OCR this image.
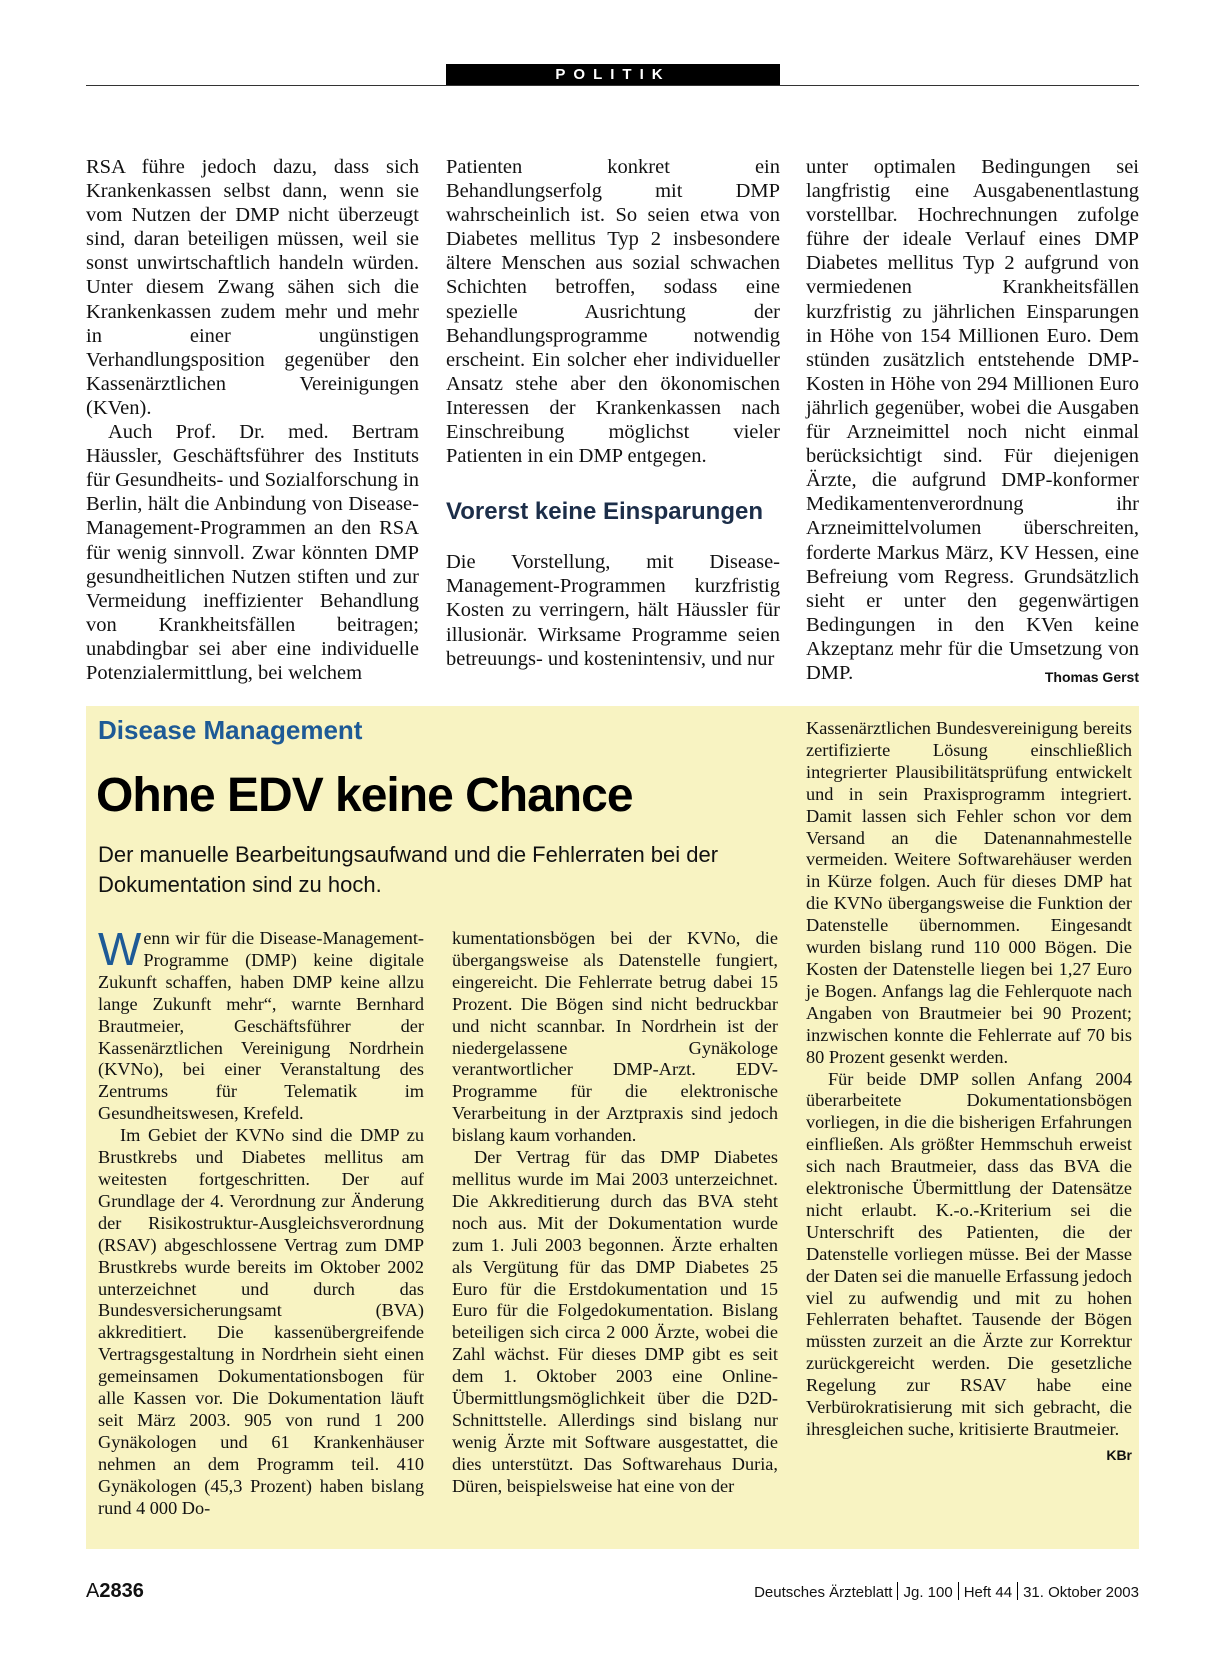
POLITIK

RSA führe jedoch dazu, dass sich Krankenkassen selbst dann, wenn sie vom Nutzen der DMP nicht überzeugt sind, daran beteiligen müssen, weil sie sonst unwirtschaftlich handeln würden. Unter diesem Zwang sähen sich die Krankenkassen zudem mehr und mehr in einer ungünstigen Verhandlungsposition gegenüber den Kassenärztlichen Vereinigungen (KVen).

Auch Prof. Dr. med. Bertram Häussler, Geschäftsführer des Instituts für Gesundheits- und Sozialforschung in Berlin, hält die Anbindung von Disease-Management-Programmen an den RSA für wenig sinnvoll. Zwar könnten DMP gesundheitlichen Nutzen stiften und zur Vermeidung ineffizienter Behandlung von Krankheitsfällen beitragen; unabdingbar sei aber eine individuelle Potenzialermittlung, bei welchem

Patienten konkret ein Behandlungserfolg mit DMP wahrscheinlich ist. So seien etwa von Diabetes mellitus Typ 2 insbesondere ältere Menschen aus sozial schwachen Schichten betroffen, sodass eine spezielle Ausrichtung der Behandlungsprogramme notwendig erscheint. Ein solcher eher individueller Ansatz stehe aber den ökonomischen Interessen der Krankenkassen nach Einschreibung möglichst vieler Patienten in ein DMP entgegen.

Vorerst keine Einsparungen

Die Vorstellung, mit Disease-Management-Programmen kurzfristig Kosten zu verringern, hält Häussler für illusionär. Wirksame Programme seien betreuungs- und kostenintensiv, und nur

unter optimalen Bedingungen sei langfristig eine Ausgabenentlastung vorstellbar. Hochrechnungen zufolge führe der ideale Verlauf eines DMP Diabetes mellitus Typ 2 aufgrund von vermiedenen Krankheitsfällen kurzfristig zu jährlichen Einsparungen in Höhe von 154 Millionen Euro. Dem stünden zusätzlich entstehende DMP-Kosten in Höhe von 294 Millionen Euro jährlich gegenüber, wobei die Ausgaben für Arzneimittel noch nicht einmal berücksichtigt sind. Für diejenigen Ärzte, die aufgrund DMP-konformer Medikamentenverordnung ihr Arzneimittelvolumen überschreiten, forderte Markus März, KV Hessen, eine Befreiung vom Regress. Grundsätzlich sieht er unter den gegenwärtigen Bedingungen in den KVen keine Akzeptanz mehr für die Umsetzung von DMP.	Thomas Gerst

Disease Management
Ohne EDV keine Chance
Der manuelle Bearbeitungsaufwand und die Fehlerraten bei der Dokumentation sind zu hoch.

Wenn wir für die Disease-Management-Programme (DMP) keine digitale Zukunft schaffen, haben DMP keine allzu lange Zukunft mehr“, warnte Bernhard Brautmeier, Geschäftsführer der Kassenärztlichen Vereinigung Nordrhein (KVNo), bei einer Veranstaltung des Zentrums für Telematik im Gesundheitswesen, Krefeld.

Im Gebiet der KVNo sind die DMP zu Brustkrebs und Diabetes mellitus am weitesten fortgeschritten. Der auf Grundlage der 4. Verordnung zur Änderung der Risikostruktur-Ausgleichsverordnung (RSAV) abgeschlossene Vertrag zum DMP Brustkrebs wurde bereits im Oktober 2002 unterzeichnet und durch das Bundesversicherungsamt (BVA) akkreditiert. Die kassenübergreifende Vertragsgestaltung in Nordrhein sieht einen gemeinsamen Dokumentationsbogen für alle Kassen vor. Die Dokumentation läuft seit März 2003. 905 von rund 1 200 Gynäkologen und 61 Krankenhäuser nehmen an dem Programm teil. 410 Gynäkologen (45,3 Prozent) haben bislang rund 4 000 Do-

kumentationsbögen bei der KVNo, die übergangsweise als Datenstelle fungiert, eingereicht. Die Fehlerrate betrug dabei 15 Prozent. Die Bögen sind nicht bedruckbar und nicht scannbar. In Nordrhein ist der niedergelassene Gynäkologe verantwortlicher DMP-Arzt. EDV-Programme für die elektronische Verarbeitung in der Arztpraxis sind jedoch bislang kaum vorhanden.

Der Vertrag für das DMP Diabetes mellitus wurde im Mai 2003 unterzeichnet. Die Akkreditierung durch das BVA steht noch aus. Mit der Dokumentation wurde zum 1. Juli 2003 begonnen. Ärzte erhalten als Vergütung für das DMP Diabetes 25 Euro für die Erstdokumentation und 15 Euro für die Folgedokumentation. Bislang beteiligen sich circa 2 000 Ärzte, wobei die Zahl wächst. Für dieses DMP gibt es seit dem 1. Oktober 2003 eine Online-Übermittlungsmöglichkeit über die D2D-Schnittstelle. Allerdings sind bislang nur wenig Ärzte mit Software ausgestattet, die dies unterstützt. Das Softwarehaus Duria, Düren, beispielsweise hat eine von der

Kassenärztlichen Bundesvereinigung bereits zertifizierte Lösung einschließlich integrierter Plausibilitätsprüfung entwickelt und in sein Praxisprogramm integriert. Damit lassen sich Fehler schon vor dem Versand an die Datenannahmestelle vermeiden. Weitere Softwarehäuser werden in Kürze folgen. Auch für dieses DMP hat die KVNo übergangsweise die Funktion der Datenstelle übernommen. Eingesandt wurden bislang rund 110 000 Bögen. Die Kosten der Datenstelle liegen bei 1,27 Euro je Bogen. Anfangs lag die Fehlerquote nach Angaben von Brautmeier bei 90 Prozent; inzwischen konnte die Fehlerrate auf 70 bis 80 Prozent gesenkt werden.

Für beide DMP sollen Anfang 2004 überarbeitete Dokumentationsbögen vorliegen, in die die bisherigen Erfahrungen einfließen. Als größter Hemmschuh erweist sich nach Brautmeier, dass das BVA die elektronische Übermittlung der Datensätze nicht erlaubt. K.-o.-Kriterium sei die Unterschrift des Patienten, die der Datenstelle vorliegen müsse. Bei der Masse der Daten sei die manuelle Erfassung jedoch viel zu aufwendig und mit zu hohen Fehlerraten behaftet. Tausende der Bögen müssten zurzeit an die Ärzte zur Korrektur zurückgereicht werden. Die gesetzliche Regelung zur RSAV habe eine Verbürokratisierung mit sich gebracht, die ihresgleichen suche, kritisierte Brautmeier.
KBr

A2836	Deutsches Ärzteblatt Jg. 100 Heft 44 31. Oktober 2003
